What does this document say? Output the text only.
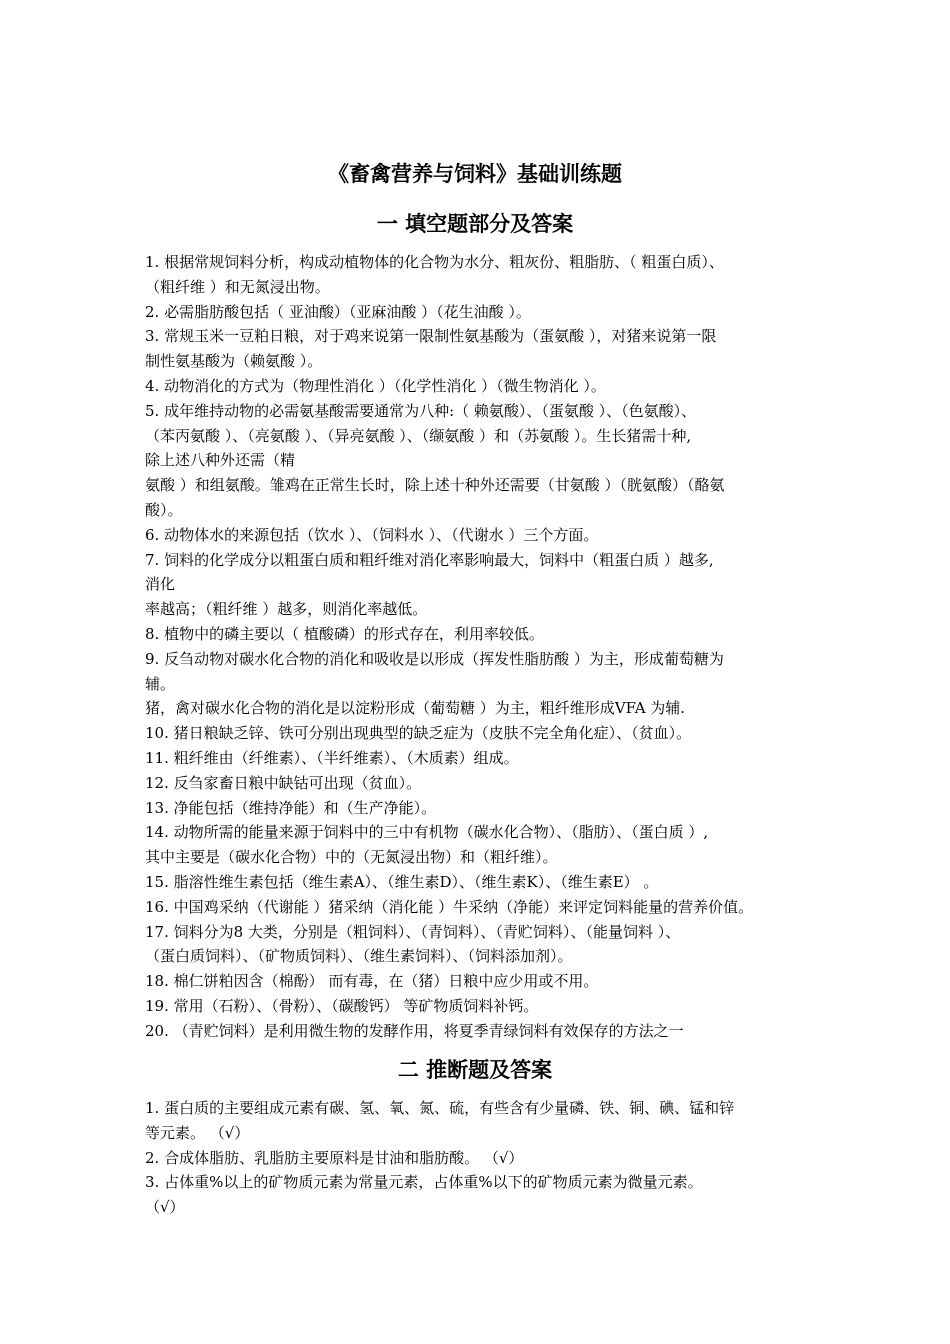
《畜禽营养与饲料》基础训练题
一 填空题部分及答案
1. 根据常规饲料分析，构成动植物体的化合物为水分、粗灰份、粗脂肪、（ 粗蛋白质）、
（粗纤维 ）和无氮浸出物。
2. 必需脂肪酸包括（ 亚油酸）（亚麻油酸 ）（花生油酸 ）。
3. 常规玉米一豆粕日粮，对于鸡来说第一限制性氨基酸为（蛋氨酸 ），对猪来说第一限
制性氨基酸为（赖氨酸 ）。
4. 动物消化的方式为（物理性消化 ）（化学性消化 ）（微生物消化 ）。
5. 成年维持动物的必需氨基酸需要通常为八种:（ 赖氨酸）、（蛋氨酸 ）、（色氨酸）、
（苯丙氨酸 ）、（亮氨酸 ）、（异亮氨酸 ）、（缬氨酸 ）和（苏氨酸 ）。生长猪需十种,
除上述八种外还需（精
氨酸 ）和组氨酸。雏鸡在正常生长时，除上述十种外还需要（甘氨酸 ）（胱氨酸）（酪氨
酸）。
6. 动物体水的来源包括（饮水 ）、（饲料水 ）、（代谢水 ）三个方面。
7. 饲料的化学成分以粗蛋白质和粗纤维对消化率影响最大，饲料中（粗蛋白质 ）越多,
消化
率越高；（粗纤维 ）越多，则消化率越低。
8. 植物中的磷主要以（ 植酸磷）的形式存在，利用率较低。
9. 反刍动物对碳水化合物的消化和吸收是以形成（挥发性脂肪酸 ）为主，形成葡萄糖为
辅。
猪，禽对碳水化合物的消化是以淀粉形成（葡萄糖 ）为主，粗纤维形成VFA 为辅.
10. 猪日粮缺乏锌、铁可分别出现典型的缺乏症为（皮肤不完全角化症）、（贫血）。
11. 粗纤维由（纤维素）、（半纤维素）、（木质素）组成。
12. 反刍家畜日粮中缺钴可出现（贫血）。
13. 净能包括（维持净能）和（生产净能）。
14. 动物所需的能量来源于饲料中的三中有机物（碳水化合物）、（脂肪）、（蛋白质 ）,
其中主要是（碳水化合物）中的（无氮浸出物）和（粗纤维）。
15. 脂溶性维生素包括（维生素A）、（维生素D）、（维生素K）、（维生素E） 。
16. 中国鸡采纳（代谢能 ）猪采纳（消化能 ）牛采纳（净能）来评定饲料能量的营养价值。
17. 饲料分为8 大类，分别是（粗饲料）、（青饲料）、（青贮饲料）、（能量饲料 ）、
（蛋白质饲料）、（矿物质饲料）、（维生素饲料）、（饲料添加剂）。
18. 棉仁饼粕因含（棉酚） 而有毒，在（猪）日粮中应少用或不用。
19. 常用（石粉）、（骨粉）、（碳酸钙） 等矿物质饲料补钙。
20. （青贮饲料）是利用微生物的发酵作用，将夏季青绿饲料有效保存的方法之一
二 推断题及答案
1. 蛋白质的主要组成元素有碳、氢、氧、氮、硫，有些含有少量磷、铁、铜、碘、锰和锌
等元素。 （√）
2. 合成体脂肪、乳脂肪主要原料是甘油和脂肪酸。 （√）
3. 占体重%以上的矿物质元素为常量元素，占体重%以下的矿物质元素为微量元素。
（√）
